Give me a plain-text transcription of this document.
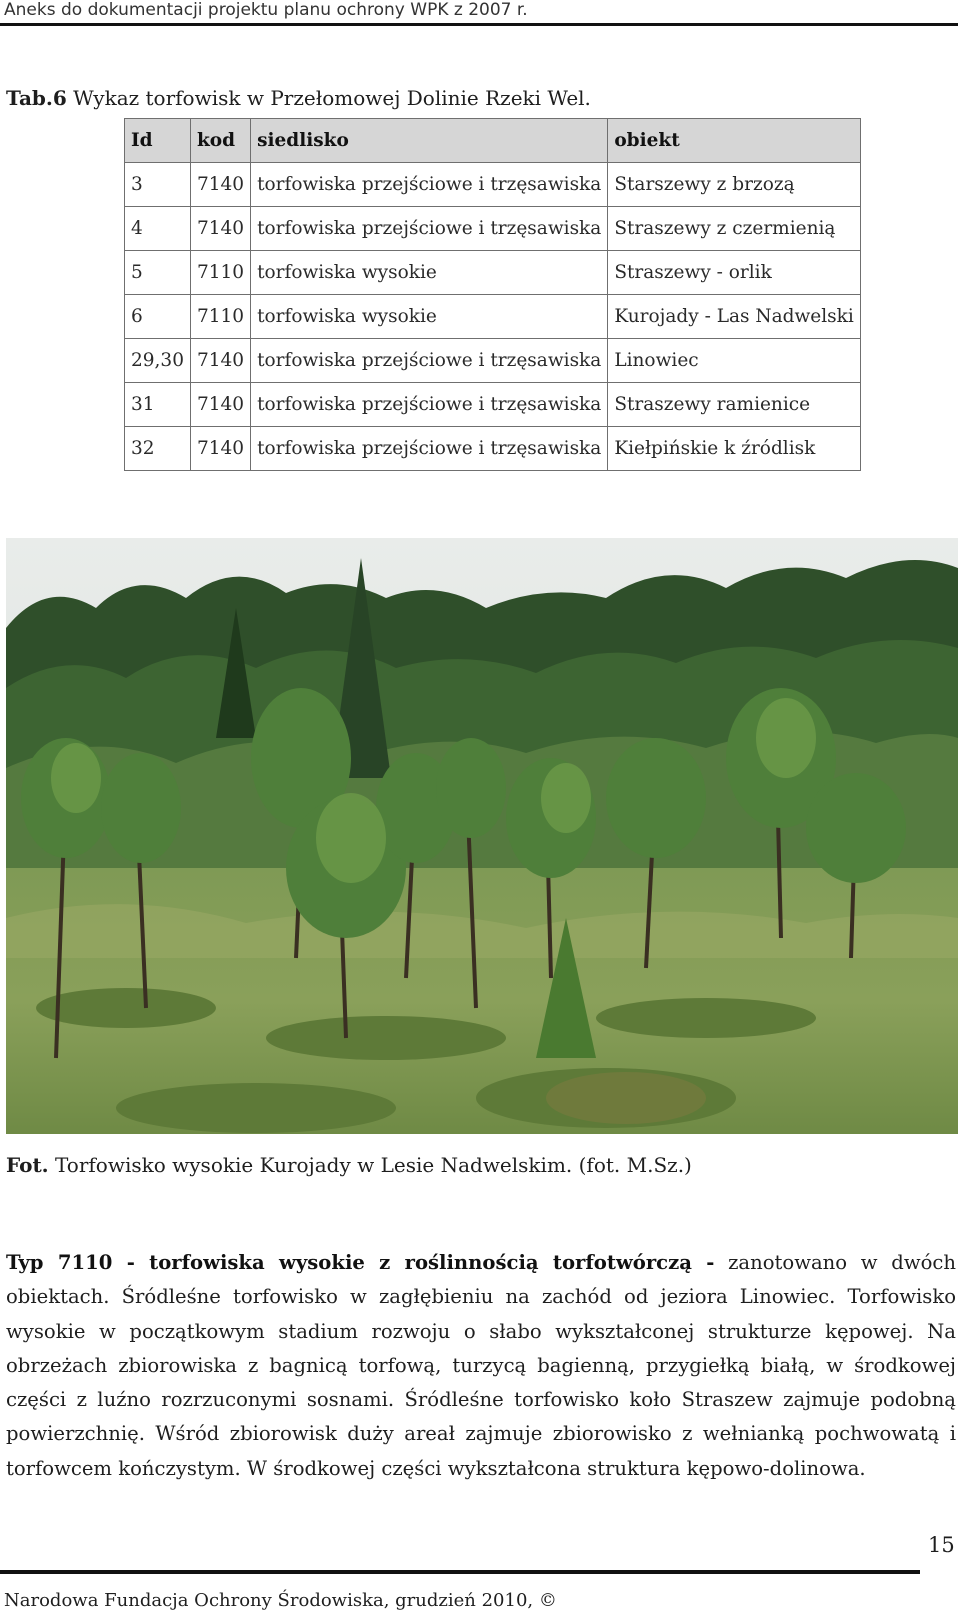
Aneks do dokumentacji projektu planu ochrony WPK z 2007 r.
Tab.6 Wykaz torfowisk w Przełomowej Dolinie Rzeki Wel.
Id	kod	siedlisko	obiekt
3	7140	torfowiska przejściowe i trzęsawiska	Starszewy z brzozą
4	7140	torfowiska przejściowe i trzęsawiska	Straszewy z czermienią
5	7110	torfowiska wysokie	Straszewy - orlik
6	7110	torfowiska wysokie	Kurojady - Las Nadwelski
29,30	7140	torfowiska przejściowe i trzęsawiska	Linowiec
31	7140	torfowiska przejściowe i trzęsawiska	Straszewy ramienice
32	7140	torfowiska przejściowe i trzęsawiska	Kiełpińskie k źródlisk
Fot. Torfowisko wysokie Kurojady w Lesie Nadwelskim. (fot. M.Sz.)
Typ 7110 - torfowiska wysokie z roślinnością torfotwórczą - zanotowano w dwóch obiektach. Śródleśne torfowisko w zagłębieniu na zachód od jeziora Linowiec. Torfowisko wysokie w początkowym stadium rozwoju o słabo wykształconej strukturze kępowej. Na obrzeżach zbiorowiska z bagnicą torfową, turzycą bagienną, przygiełką białą, w środkowej części z luźno rozrzuconymi sosnami. Śródleśne torfowisko koło Straszew zajmuje podobną powierzchnię. Wśród zbiorowisk duży areał zajmuje zbiorowisko z wełnianką pochwowatą i torfowcem kończystym. W środkowej części wykształcona struktura kępowo-dolinowa.
15
Narodowa Fundacja Ochrony Środowiska, grudzień 2010, ©
